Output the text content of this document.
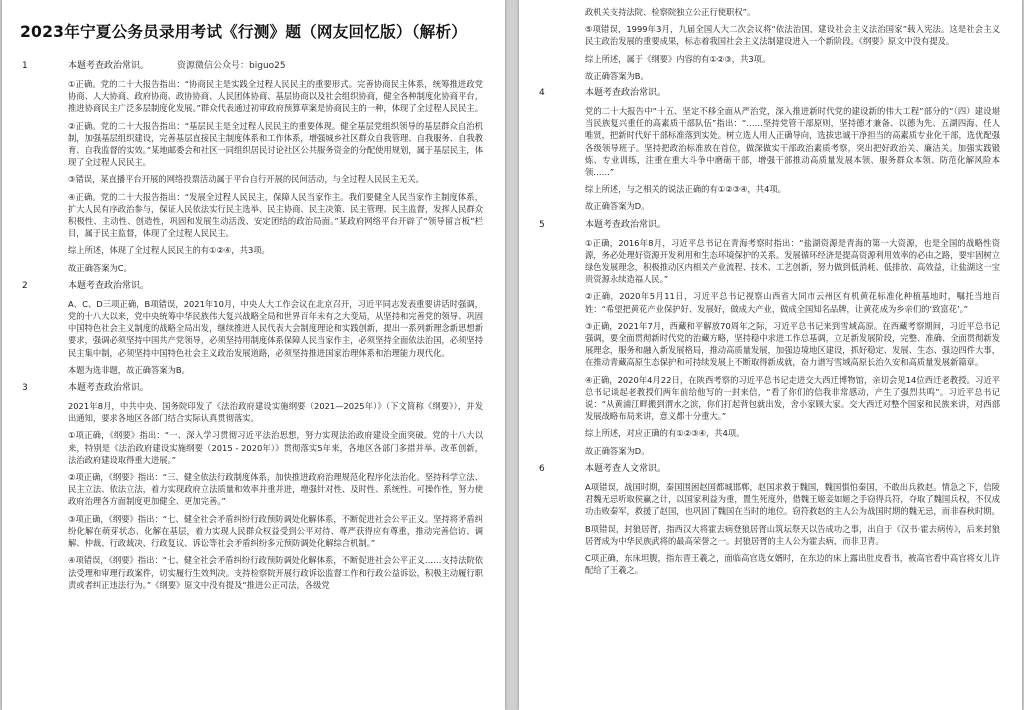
2023年宁夏公务员录用考试《行测》题（网友回忆版）（解析）
1	本题考查政治常识。	资源微信公众号：biguo25

①正确。党的二十大报告指出：“协商民主是实践全过程人民民主的重要形式。完善协商民主体系，统筹推进政党协商、人大协商、政府协商、政协协商、人民团体协商、基层协商以及社会组织协商，健全各种制度化协商平台，推进协商民主广泛多层制度化发展。”群众代表通过初审政府预算草案是协商民主的一种，体现了全过程人民民主。

②正确。党的二十大报告指出：“基层民主是全过程人民民主的重要体现。健全基层党组织领导的基层群众自治机制，加强基层组织建设，完善基层直接民主制度体系和工作体系，增强城乡社区群众自我管理、自我服务、自我教育、自我监督的实效。”某地邮委会和社区一同组织居民讨论社区公共服务资金的分配使用规划，属于基层民主，体现了全过程人民民主。

③错误，某直播平台开展的网络投票活动属于平台自行开展的民间活动，与全过程人民民主无关。

④正确。党的二十大报告指出：“发展全过程人民民主，保障人民当家作主。我们要健全人民当家作主制度体系，扩大人民有序政治参与，保证人民依法实行民主选举、民主协商、民主决策、民主管理、民主监督，发挥人民群众积极性、主动性、创造性，巩固和发展生动活泼、安定团结的政治局面。”某政府网络平台开辟了“领导留言板”栏目，属于民主监督，体现了全过程人民民主。

综上所述，体现了全过程人民民主的有①②④，共3项。

故正确答案为C。

2	本题考查政治常识。

A、C、D三项正确，B项错误，2021年10月，中央人大工作会议在北京召开，习近平同志发表重要讲话时强调，党的十八大以来，党中央统筹中华民族伟大复兴战略全局和世界百年未有之大变局，从坚持和完善党的领导、巩固中国特色社会主义制度的战略全局出发，继续推进人民代表大会制度理论和实践创新，提出一系列新理念新思想新要求，强调必须坚持中国共产党领导，必须坚持用制度体系保障人民当家作主，必须坚持全面依法治国，必须坚持民主集中制，必须坚持中国特色社会主义政治发展道路，必须坚持推进国家治理体系和治理能力现代化。

本题为选非题，故正确答案为B。

3	本题考查政治常识。

2021年8月，中共中央、国务院印发了《法治政府建设实施纲要（2021—2025年）》（下文简称《纲要》），并发出通知，要求各地区各部门结合实际认真贯彻落实。

①项正确，《纲要》指出：“一、深入学习贯彻习近平法治思想，努力实现法治政府建设全面突破。党的十八大以来，特别是《法治政府建设实施纲要（2015 - 2020年）》贯彻落实5年来，各地区各部门多措并举、改革创新，法治政府建设取得重大进展。”

②项正确，《纲要》指出：“三、健全依法行政制度体系，加快推进政府治理规范化程序化法治化。坚持科学立法、民主立法、依法立法，着力实现政府立法质量和效率并重并进，增强针对性、及时性、系统性、可操作性，努力使政府治理各方面制度更加健全、更加完善。”

③项正确，《纲要》指出：“七、健全社会矛盾纠纷行政预防调处化解体系，不断促进社会公平正义。坚持将矛盾纠纷化解在萌芽状态、化解在基层，着力实现人民群众权益受到公平对待、尊严获得应有尊重，推动完善信访、调解、仲裁、行政裁决、行政复议、诉讼等社会矛盾纠纷多元预防调处化解综合机制。”

④项错误，《纲要》指出：“七、健全社会矛盾纠纷行政预防调处化解体系，不断促进社会公平正义……支持法院依法受理和审理行政案件，切实履行生效判决。支持检察院开展行政诉讼监督工作和行政公益诉讼，积极主动履行职责或者纠正违法行为。”《纲要》原文中没有提及“推进公正司法，各级党

政机关支持法院、检察院独立公正行使职权”。

⑤项错误，1999年3月，九届全国人大二次会议将“依法治国，建设社会主义法治国家”载入宪法。这是社会主义民主政治发展的重要成果，标志着我国社会主义法制建设进入一个新阶段。《纲要》原文中没有提及。

综上所述，属于《纲要》内容的有①②③，共3项。

故正确答案为B。

4	本题考查政治常识。

党的二十大报告中“十五、坚定不移全面从严治党，深入推进新时代党的建设新的伟大工程”部分的“（四）建设堪当民族复兴重任的高素质干部队伍”指出：“……坚持党管干部原则，坚持德才兼备、以德为先、五湖四海、任人唯贤，把新时代好干部标准落到实处。树立选人用人正确导向，选拔忠诚干净担当的高素质专业化干部，选优配强各级领导班子。坚持把政治标准放在首位，做深做实干部政治素质考察，突出把好政治关、廉洁关。加强实践锻炼、专业训练，注重在重大斗争中磨砺干部，增强干部推动高质量发展本领、服务群众本领、防范化解风险本领……”

综上所述，与之相关的说法正确的有①②③④，共4项。

故正确答案为D。

5	本题考查政治常识。

①正确，2016年8月，习近平总书记在青海考察时指出：“盐湖资源是青海的第一大资源，也是全国的战略性资源，务必处理好资源开发利用和生态环境保护的关系。发展循环经济是提高资源利用效率的必由之路，要牢固树立绿色发展理念，积极推动区内相关产业流程、技术、工艺创新，努力做到低消耗、低排放、高效益，让盐湖这一宝贵资源永续造福人民。”

②正确，2020年5月11日，习近平总书记视察山西省大同市云州区有机黄花标准化种植基地时，嘱托当地百姓：“希望把黄花产业保护好、发展好，做成大产业，做成全国知名品牌，让黄花成为乡亲们的‘致富花’。”

③正确，2021年7月，西藏和平解放70周年之际，习近平总书记来到雪域高原。在西藏考察期间，习近平总书记强调，要全面贯彻新时代党的治藏方略，坚持稳中求进工作总基调，立足新发展阶段，完整、准确、全面贯彻新发展理念，服务和融入新发展格局，推动高质量发展，加强边境地区建设，抓好稳定、发展、生态、强边四件大事，在推动青藏高原生态保护和可持续发展上不断取得新成就，奋力谱写雪域高原长治久安和高质量发展新篇章。

④正确，2020年4月22日，在陕西考察的习近平总书记走进交大西迁博物馆，亲切会见14位西迁老教授。习近平总书记谈起老教授们两年前给他写的一封来信，“看了你们的信我非常感动，产生了强烈共鸣”。习近平总书记说：“从黄浦江畔搬到渭水之滨，你们打起背包就出发，舍小家顾大家。交大西迁对整个国家和民族来讲，对西部发展战略布局来讲，意义都十分重大。”

综上所述，对应正确的有①②③④，共4项。

故正确答案为D。

6	本题考查人文常识。

A项错误，战国时期，秦国围困赵国都城邯郸，赵国求救于魏国，魏国惧怕秦国，不敢出兵救赵。情急之下，信陵君魏无忌听取侯赢之计，以国家利益为重，置生死度外，借魏王姬妾如姬之手窃得兵符，夺取了魏国兵权，不仅成功击败秦军，救援了赵国，也巩固了魏国在当时的地位。窃符救赵的主人公为战国时期的魏无忌，而非春秋时期。

B项错误，封狼居胥，指西汉大将霍去病登狼居胥山筑坛祭天以告成功之事，出自于《汉书·霍去病传》，后来封狼居胥成为中华民族武将的最高荣誉之一。封狼居胥的主人公为霍去病，而非卫青。

C项正确，东床坦腹，指东晋王羲之，面临高官选女婿时，在东边的床上露出肚皮看书，被高官看中高官将女儿许配给了王羲之。
